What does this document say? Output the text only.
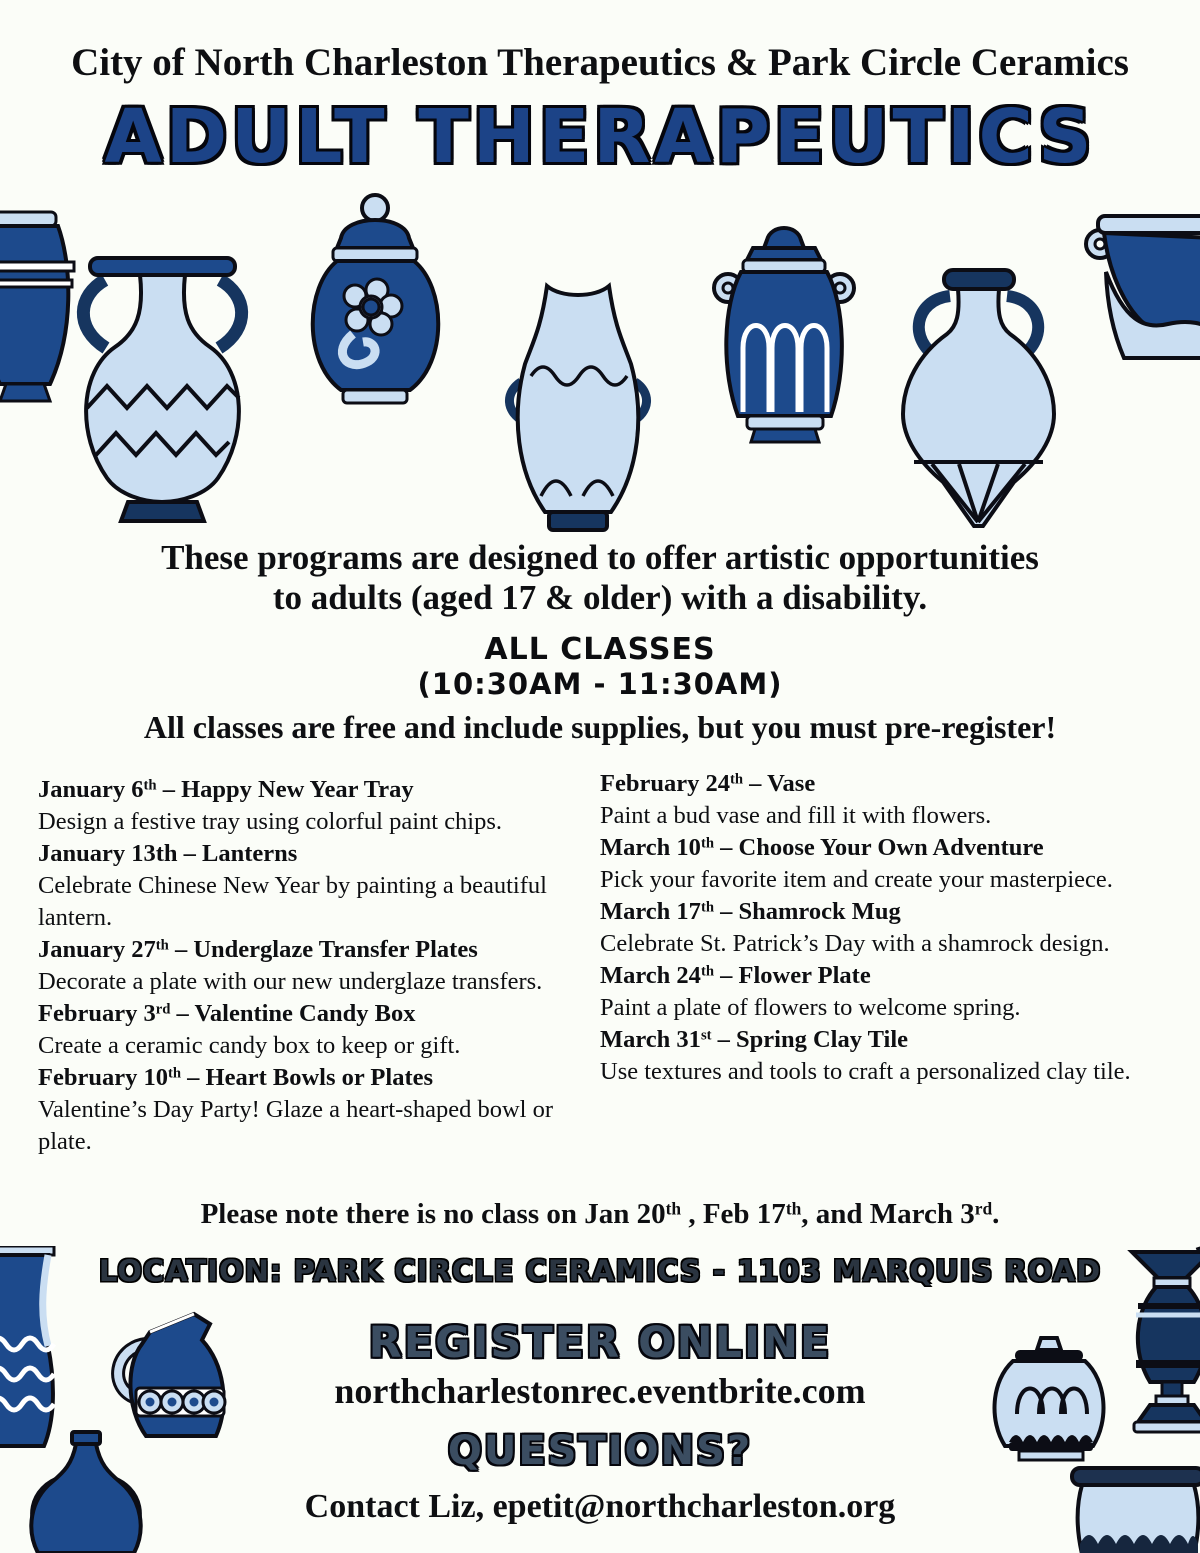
City of North Charleston Therapeutics & Park Circle Ceramics
ADULT THERAPEUTICS
These programs are designed to offer artistic opportunities
to adults (aged 17 & older) with a disability.
ALL CLASSES
(10:30AM - 11:30AM)
All classes are free and include supplies, but you must pre-register!
January 6th – Happy New Year Tray
Design a festive tray using colorful paint chips.
January 13th – Lanterns
Celebrate Chinese New Year by painting a beautiful lantern.
January 27th – Underglaze Transfer Plates
Decorate a plate with our new underglaze transfers.
February 3rd – Valentine Candy Box
Create a ceramic candy box to keep or gift.
February 10th – Heart Bowls or Plates
Valentine’s Day Party! Glaze a heart-shaped bowl or plate.
February 24th – Vase
Paint a bud vase and fill it with flowers.
March 10th – Choose Your Own Adventure
Pick your favorite item and create your masterpiece.
March 17th – Shamrock Mug
Celebrate St. Patrick’s Day with a shamrock design.
March 24th – Flower Plate
Paint a plate of flowers to welcome spring.
March 31st – Spring Clay Tile
Use textures and tools to craft a personalized clay tile.
Please note there is no class on Jan 20th , Feb 17th, and March 3rd.
LOCATION: PARK CIRCLE CERAMICS - 1103 MARQUIS ROAD
REGISTER ONLINE
northcharlestonrec.eventbrite.com
QUESTIONS?
Contact Liz, epetit@northcharleston.org
